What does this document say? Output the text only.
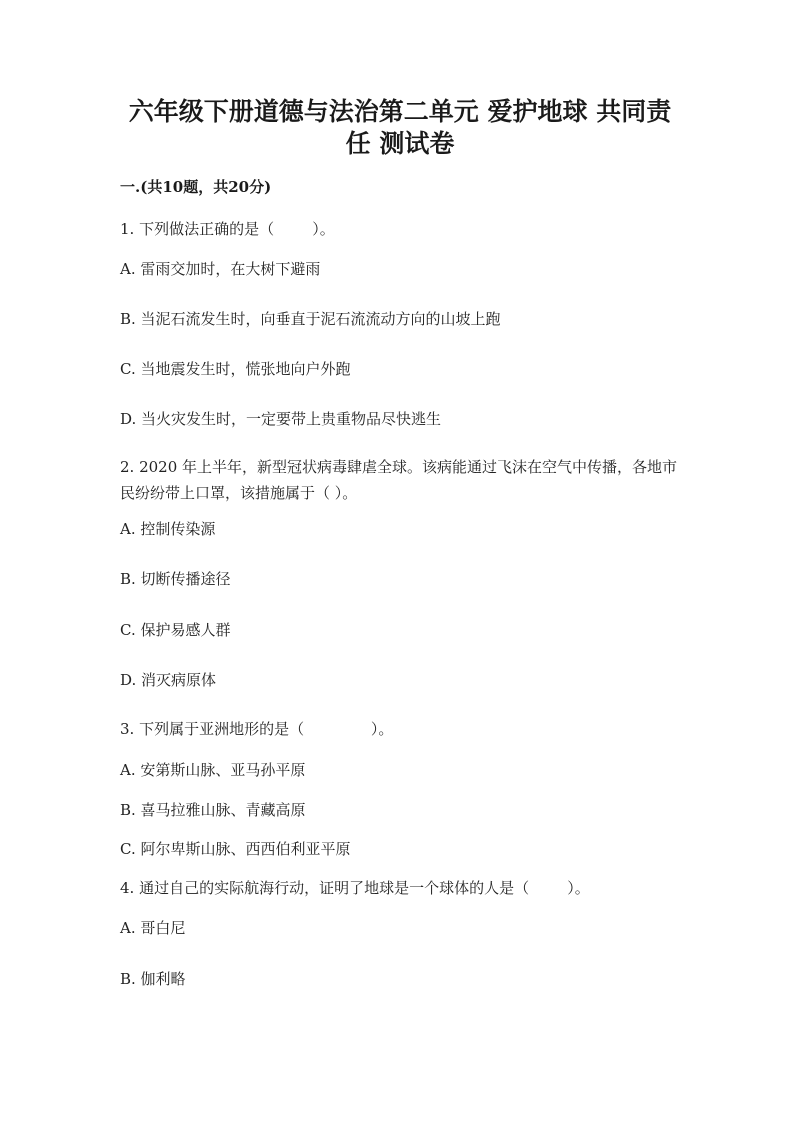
六年级下册道德与法治第二单元 爱护地球 共同责任 测试卷
一.(共10题，共20分)
1. 下列做法正确的是（        ）。
A. 雷雨交加时，在大树下避雨
B. 当泥石流发生时，向垂直于泥石流流动方向的山坡上跑
C. 当地震发生时，慌张地向户外跑
D. 当火灾发生时，一定要带上贵重物品尽快逃生
2. 2020 年上半年，新型冠状病毒肆虐全球。该病能通过飞沫在空气中传播，各地市民纷纷带上口罩，该措施属于（ ）。
A. 控制传染源
B. 切断传播途径
C. 保护易感人群
D. 消灭病原体
3. 下列属于亚洲地形的是（              ）。
A. 安第斯山脉、亚马孙平原
B. 喜马拉雅山脉、青藏高原
C. 阿尔卑斯山脉、西西伯利亚平原
4. 通过自己的实际航海行动，证明了地球是一个球体的人是（        ）。
A. 哥白尼
B. 伽利略
